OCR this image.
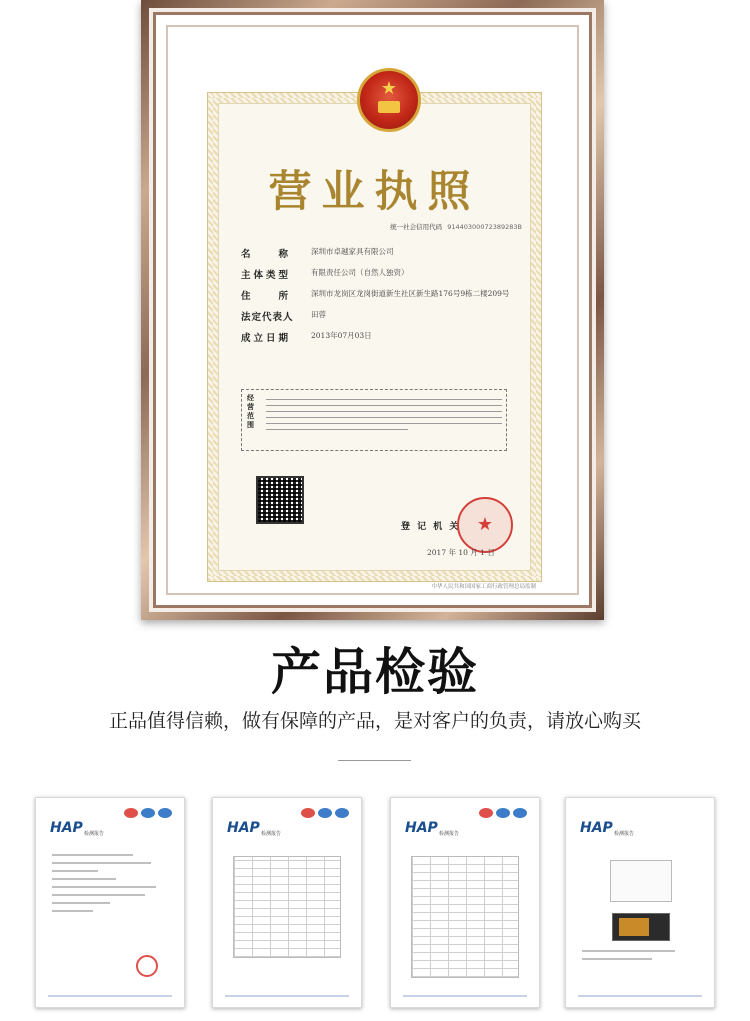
★
营业执照
统一社会信用代码 91440300072389283B
名　　称	深圳市卓越家具有限公司
主体类型	有限责任公司（自然人独资）
住　　所	深圳市龙岗区龙岗街道新生社区新生路176号9栋二楼209号
法定代表人	田蓉
成立日期	2013年07月03日
经营范围
登 记 机 关 ★
2017 年 10 月 1 日
中华人民共和国国家工商行政管理总局监制
产品检验
正品值得信赖，做有保障的产品，是对客户的负责，请放心购买
HAP 检测报告	HAP 检测报告	HAP 检测报告	HAP 检测报告
